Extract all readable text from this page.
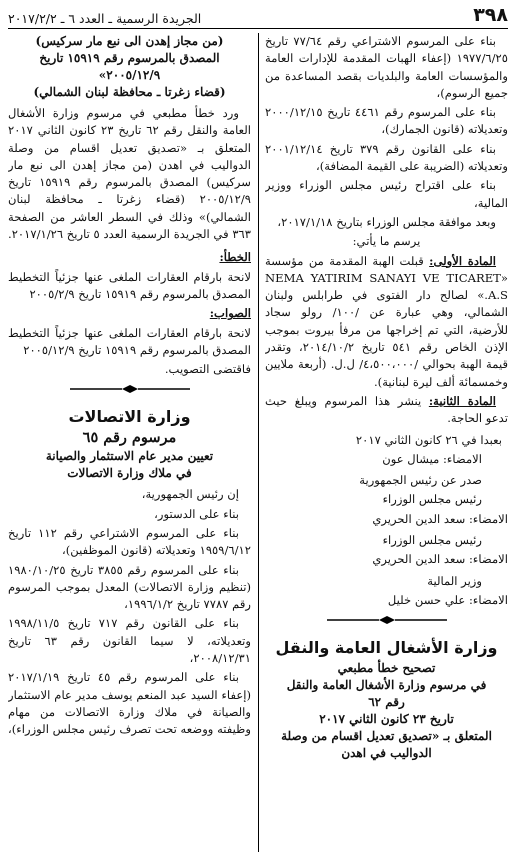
٣٩٨
الجريدة الرسمية ـ العدد ٦ ـ ٢٠١٧/٢/٢

بناء على المرسوم الاشتراعي رقم ٧٧/٦٤ تاريخ ١٩٧٧/٦/٢٥ (إعفاء الهبات المقدمة للإدارات العامة والمؤسسات العامة والبلديات بقصد المساعدة من جميع الرسوم)،

بناء على المرسوم رقم ٤٤٦١ تاريخ ٢٠٠٠/١٢/١٥ وتعديلاته (قانون الجمارك)،

بناء على القانون رقم ٣٧٩ تاريخ ٢٠٠١/١٢/١٤ وتعديلاته (الضريبة على القيمة المضافة)،

بناء على اقتراح رئيس مجلس الوزراء ووزير المالية،

وبعد موافقة مجلس الوزراء بتاريخ ٢٠١٧/١/١٨،

يرسم ما يأتي:

المادة الأولى: قبلت الهبة المقدمة من مؤسسة «NEMA YATIRIM SANAYI VE TICARET A.S.» لصالح دار الفتوى في طرابلس ولبنان الشمالي، وهي عبارة عن /١٠٠/ رولو سجاد للأرضية، التي تم إخراجها من مرفأ بيروت بموجب الإذن الخاص رقم ٥٤١ تاريخ ٢٠١٤/١٠/٢، وتقدر قيمة الهبة بحوالي /٤،٥٠٠،٠٠٠/ ل.ل. (أربعة ملايين وخمسمائة ألف ليرة لبنانية).

المادة الثانية: ينشر هذا المرسوم ويبلغ حيث تدعو الحاجة.

بعبدا في ٢٦ كانون الثاني ٢٠١٧

الامضاء: ميشال عون

صدر عن رئيس الجمهورية

رئيس مجلس الوزراء

الامضاء: سعد الدين الحريري

رئيس مجلس الوزراء

الامضاء: سعد الدين الحريري

وزير المالية

الامضاء: علي حسن خليل

وزارة الأشغال العامة والنقل
تصحيح خطأ مطبعي
في مرسوم وزارة الأشغال العامة والنقل
رقم ٦٢
تاريخ ٢٣ كانون الثاني ٢٠١٧
المتعلق بـ «تصديق تعديل اقسام من وصلة الدواليب في اهدن
(من مجاز إهدن الى نبع مار سركيس)
المصدق بالمرسوم رقم ١٥٩١٩ تاريخ ٢٠٠٥/١٢/٩»
(قضاء زغرتا ـ محافظة لبنان الشمالي)

ورد خطأ مطبعي في مرسوم وزارة الأشغال العامة والنقل رقم ٦٢ تاريخ ٢٣ كانون الثاني ٢٠١٧ المتعلق بـ «تصديق تعديل اقسام من وصلة الدواليب في اهدن (من مجاز إهدن الى نبع مار سركيس) المصدق بالمرسوم رقم ١٥٩١٩ تاريخ ٢٠٠٥/١٢/٩ (قضاء زغرتا ـ محافظة لبنان الشمالي)» وذلك في السطر العاشر من الصفحة ٣٦٣ في الجريدة الرسمية العدد ٥ تاريخ ٢٠١٧/١/٢٦.

الخطأ:

لانحة بارقام العقارات الملغى عنها جزئياً التخطيط المصدق بالمرسوم رقم ١٥٩١٩ تاريخ ٢٠٠٥/٢/٩

الصواب:

لانحة بارقام العقارات الملغى عنها جزئياً التخطيط المصدق بالمرسوم رقم ١٥٩١٩ تاريخ ٢٠٠٥/١٢/٩

فاقتضى التصويب.

وزارة الاتصالات
مرسوم رقم ٦٥
تعيين مدير عام الاستثمار والصيانة
في ملاك وزارة الاتصالات

إن رئيس الجمهورية،

بناء على الدستور،

بناء على المرسوم الاشتراعي رقم ١١٢ تاريخ ١٩٥٩/٦/١٢ وتعديلاته (قانون الموظفين)،

بناء على المرسوم رقم ٣٨٥٥ تاريخ ١٩٨٠/١٠/٢٥ (تنظيم وزارة الاتصالات) المعدل بموجب المرسوم رقم ٧٧٨٧ تاريخ ١٩٩٦/١/٢،

بناء على القانون رقم ٧١٧ تاريخ ١٩٩٨/١١/٥ وتعديلاته، لا سيما القانون رقم ٦٣ تاريخ ٢٠٠٨/١٢/٣١،

بناء على المرسوم رقم ٤٥ تاريخ ٢٠١٧/١/١٩ (إعفاء السيد عبد المنعم يوسف مدير عام الاستثمار والصيانة في ملاك وزارة الاتصالات من مهام وظيفته ووضعه تحت تصرف رئيس مجلس الوزراء)،
